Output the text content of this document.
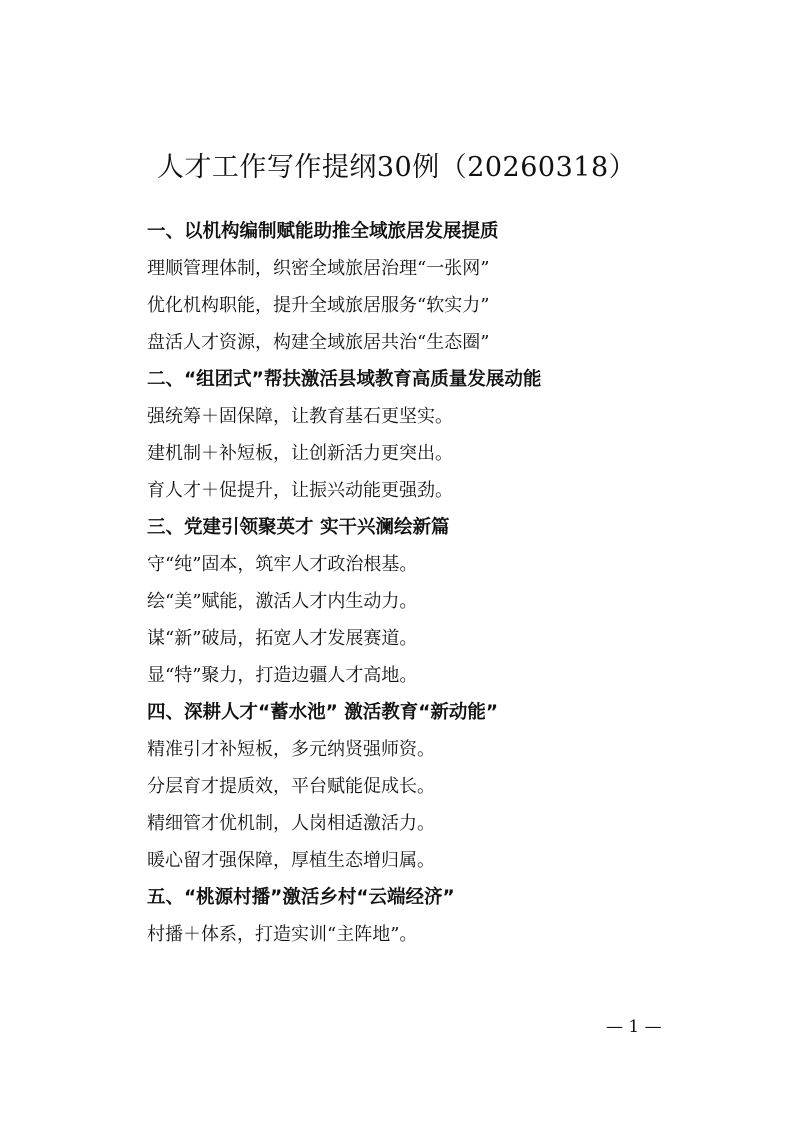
人才工作写作提纲30例（20260318）
一、以机构编制赋能助推全域旅居发展提质
理顺管理体制，织密全域旅居治理“一张网”
优化机构职能，提升全域旅居服务“软实力”
盘活人才资源，构建全域旅居共治“生态圈”
二、“组团式”帮扶激活县域教育高质量发展动能
强统筹＋固保障，让教育基石更坚实。
建机制＋补短板，让创新活力更突出。
育人才＋促提升，让振兴动能更强劲。
三、党建引领聚英才 实干兴澜绘新篇
守“纯”固本，筑牢人才政治根基。
绘“美”赋能，激活人才内生动力。
谋“新”破局，拓宽人才发展赛道。
显“特”聚力，打造边疆人才高地。
四、深耕人才“蓄水池” 激活教育“新动能”
精准引才补短板，多元纳贤强师资。
分层育才提质效，平台赋能促成长。
精细管才优机制，人岗相适激活力。
暖心留才强保障，厚植生态增归属。
五、“桃源村播”激活乡村“云端经济”
村播＋体系，打造实训“主阵地”。
— 1 —
